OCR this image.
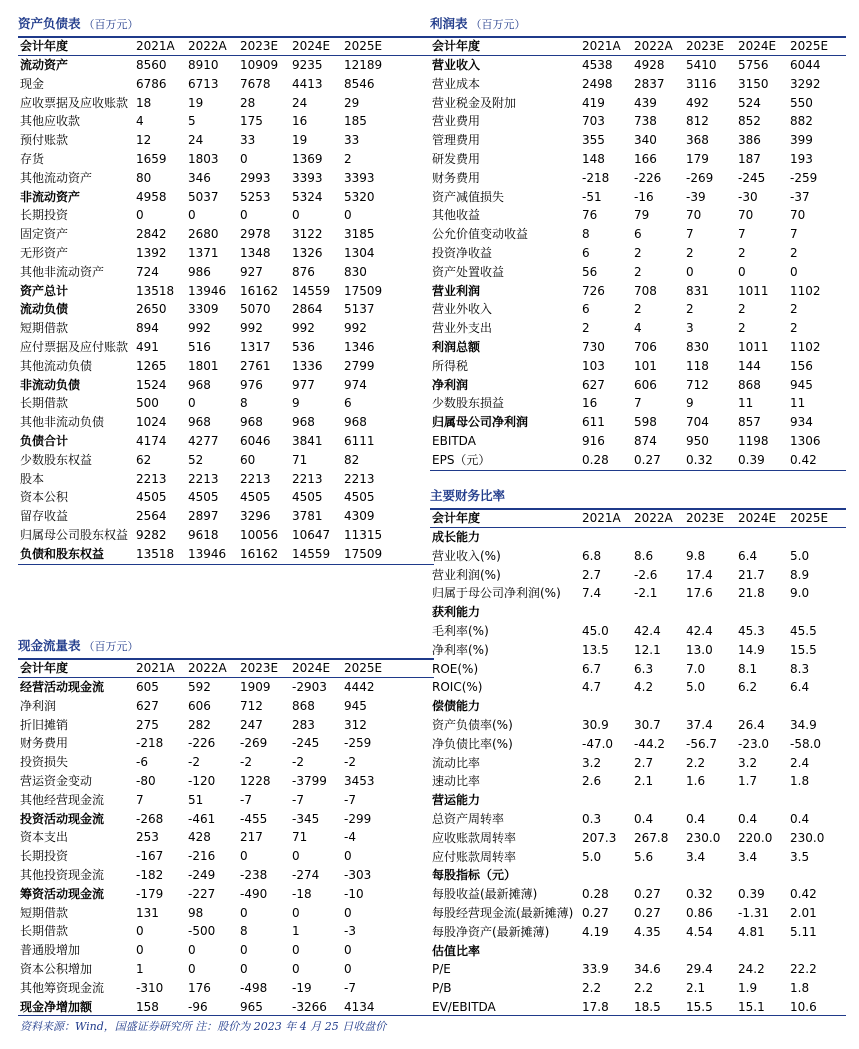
资产负债表 （百万元）
会计年度	2021A	2022A	2023E	2024E	2025E
流动资产	8560	8910	10909	9235	12189
现金	6786	6713	7678	4413	8546
应收票据及应收账款 18	19	28	24	29
其他应收款	4	5	175	16	185
预付账款	12	24	33	19	33
存货	1659	1803	0	1369	2
其他流动资产	80	346	2993	3393	3393
非流动资产	4958	5037	5253	5324	5320
长期投资	0	0	0	0	0
固定资产	2842	2680	2978	3122	3185
无形资产	1392	1371	1348	1326	1304
其他非流动资产	724	986	927	876	830
资产总计	13518	13946	16162	14559	17509
流动负债	2650	3309	5070	2864	5137
短期借款	894	992	992	992	992
应付票据及应付账款 491	516	1317	536	1346
其他流动负债	1265	1801	2761	1336	2799
非流动负债	1524	968	976	977	974
长期借款	500	0	8	9	6
其他非流动负债	1024	968	968	968	968
负债合计	4174	4277	6046	3841	6111
少数股东权益	62	52	60	71	82
股本	2213	2213	2213	2213	2213
资本公积	4505	4505	4505	4505	4505
留存收益	2564	2897	3296	3781	4309
归属母公司股东权益 9282	9618	10056	10647	11315
负债和股东权益	13518	13946	16162	14559	17509
现金流量表 （百万元）
会计年度	2021A	2022A	2023E	2024E	2025E
经营活动现金流	605	592	1909	-2903	4442
净利润	627	606	712	868	945
折旧摊销	275	282	247	283	312
财务费用	-218	-226	-269	-245	-259
投资损失	-6	-2	-2	-2	-2
营运资金变动	-80	-120	1228	-3799	3453
其他经营现金流	7	51	-7	-7	-7
投资活动现金流	-268	-461	-455	-345	-299
资本支出	253	428	217	71	-4
长期投资	-167	-216	0	0	0
其他投资现金流	-182	-249	-238	-274	-303
筹资活动现金流	-179	-227	-490	-18	-10
短期借款	131	98	0	0	0
长期借款	0	-500	8	1	-3
普通股增加	0	0	0	0	0
资本公积增加	1	0	0	0	0
其他筹资现金流	-310	176	-498	-19	-7
现金净增加额	158	-96	965	-3266	4134
利润表 （百万元）
会计年度	2021A	2022A	2023E	2024E	2025E
营业收入	4538	4928	5410	5756	6044
营业成本	2498	2837	3116	3150	3292
营业税金及附加	419	439	492	524	550
营业费用	703	738	812	852	882
管理费用	355	340	368	386	399
研发费用	148	166	179	187	193
财务费用	-218	-226	-269	-245	-259
资产减值损失	-51	-16	-39	-30	-37
其他收益	76	79	70	70	70
公允价值变动收益	8	6	7	7	7
投资净收益	6	2	2	2	2
资产处置收益	56	2	0	0	0
营业利润	726	708	831	1011	1102
营业外收入	6	2	2	2	2
营业外支出	2	4	3	2	2
利润总额	730	706	830	1011	1102
所得税	103	101	118	144	156
净利润	627	606	712	868	945
少数股东损益	16	7	9	11	11
归属母公司净利润	611	598	704	857	934
EBITDA	916	874	950	1198	1306
EPS（元）	0.28	0.27	0.32	0.39	0.42
主要财务比率
会计年度	2021A	2022A	2023E	2024E	2025E
成长能力
营业收入(%)	6.8	8.6	9.8	6.4	5.0
营业利润(%)	2.7	-2.6	17.4	21.7	8.9
归属于母公司净利润(%)	7.4	-2.1	17.6	21.8	9.0
获利能力
毛利率(%)	45.0	42.4	42.4	45.3	45.5
净利率(%)	13.5	12.1	13.0	14.9	15.5
ROE(%)	6.7	6.3	7.0	8.1	8.3
ROIC(%)	4.7	4.2	5.0	6.2	6.4
偿债能力
资产负债率(%)	30.9	30.7	37.4	26.4	34.9
净负债比率(%)	-47.0	-44.2	-56.7	-23.0	-58.0
流动比率	3.2	2.7	2.2	3.2	2.4
速动比率	2.6	2.1	1.6	1.7	1.8
营运能力
总资产周转率	0.3	0.4	0.4	0.4	0.4
应收账款周转率	207.3	267.8	230.0	220.0	230.0
应付账款周转率	5.0	5.6	3.4	3.4	3.5
每股指标（元）
每股收益(最新摊薄)	0.28	0.27	0.32	0.39	0.42
每股经营现金流(最新摊薄) 0.27	0.27	0.86	-1.31	2.01
每股净资产(最新摊薄)	4.19	4.35	4.54	4.81	5.11
估值比率
P/E	33.9	34.6	29.4	24.2	22.2
P/B	2.2	2.2	2.1	1.9	1.8
EV/EBITDA	17.8	18.5	15.5	15.1	10.6
资料来源：Wind，国盛证券研究所 注：股价为 2023 年 4 月 25 日收盘价
